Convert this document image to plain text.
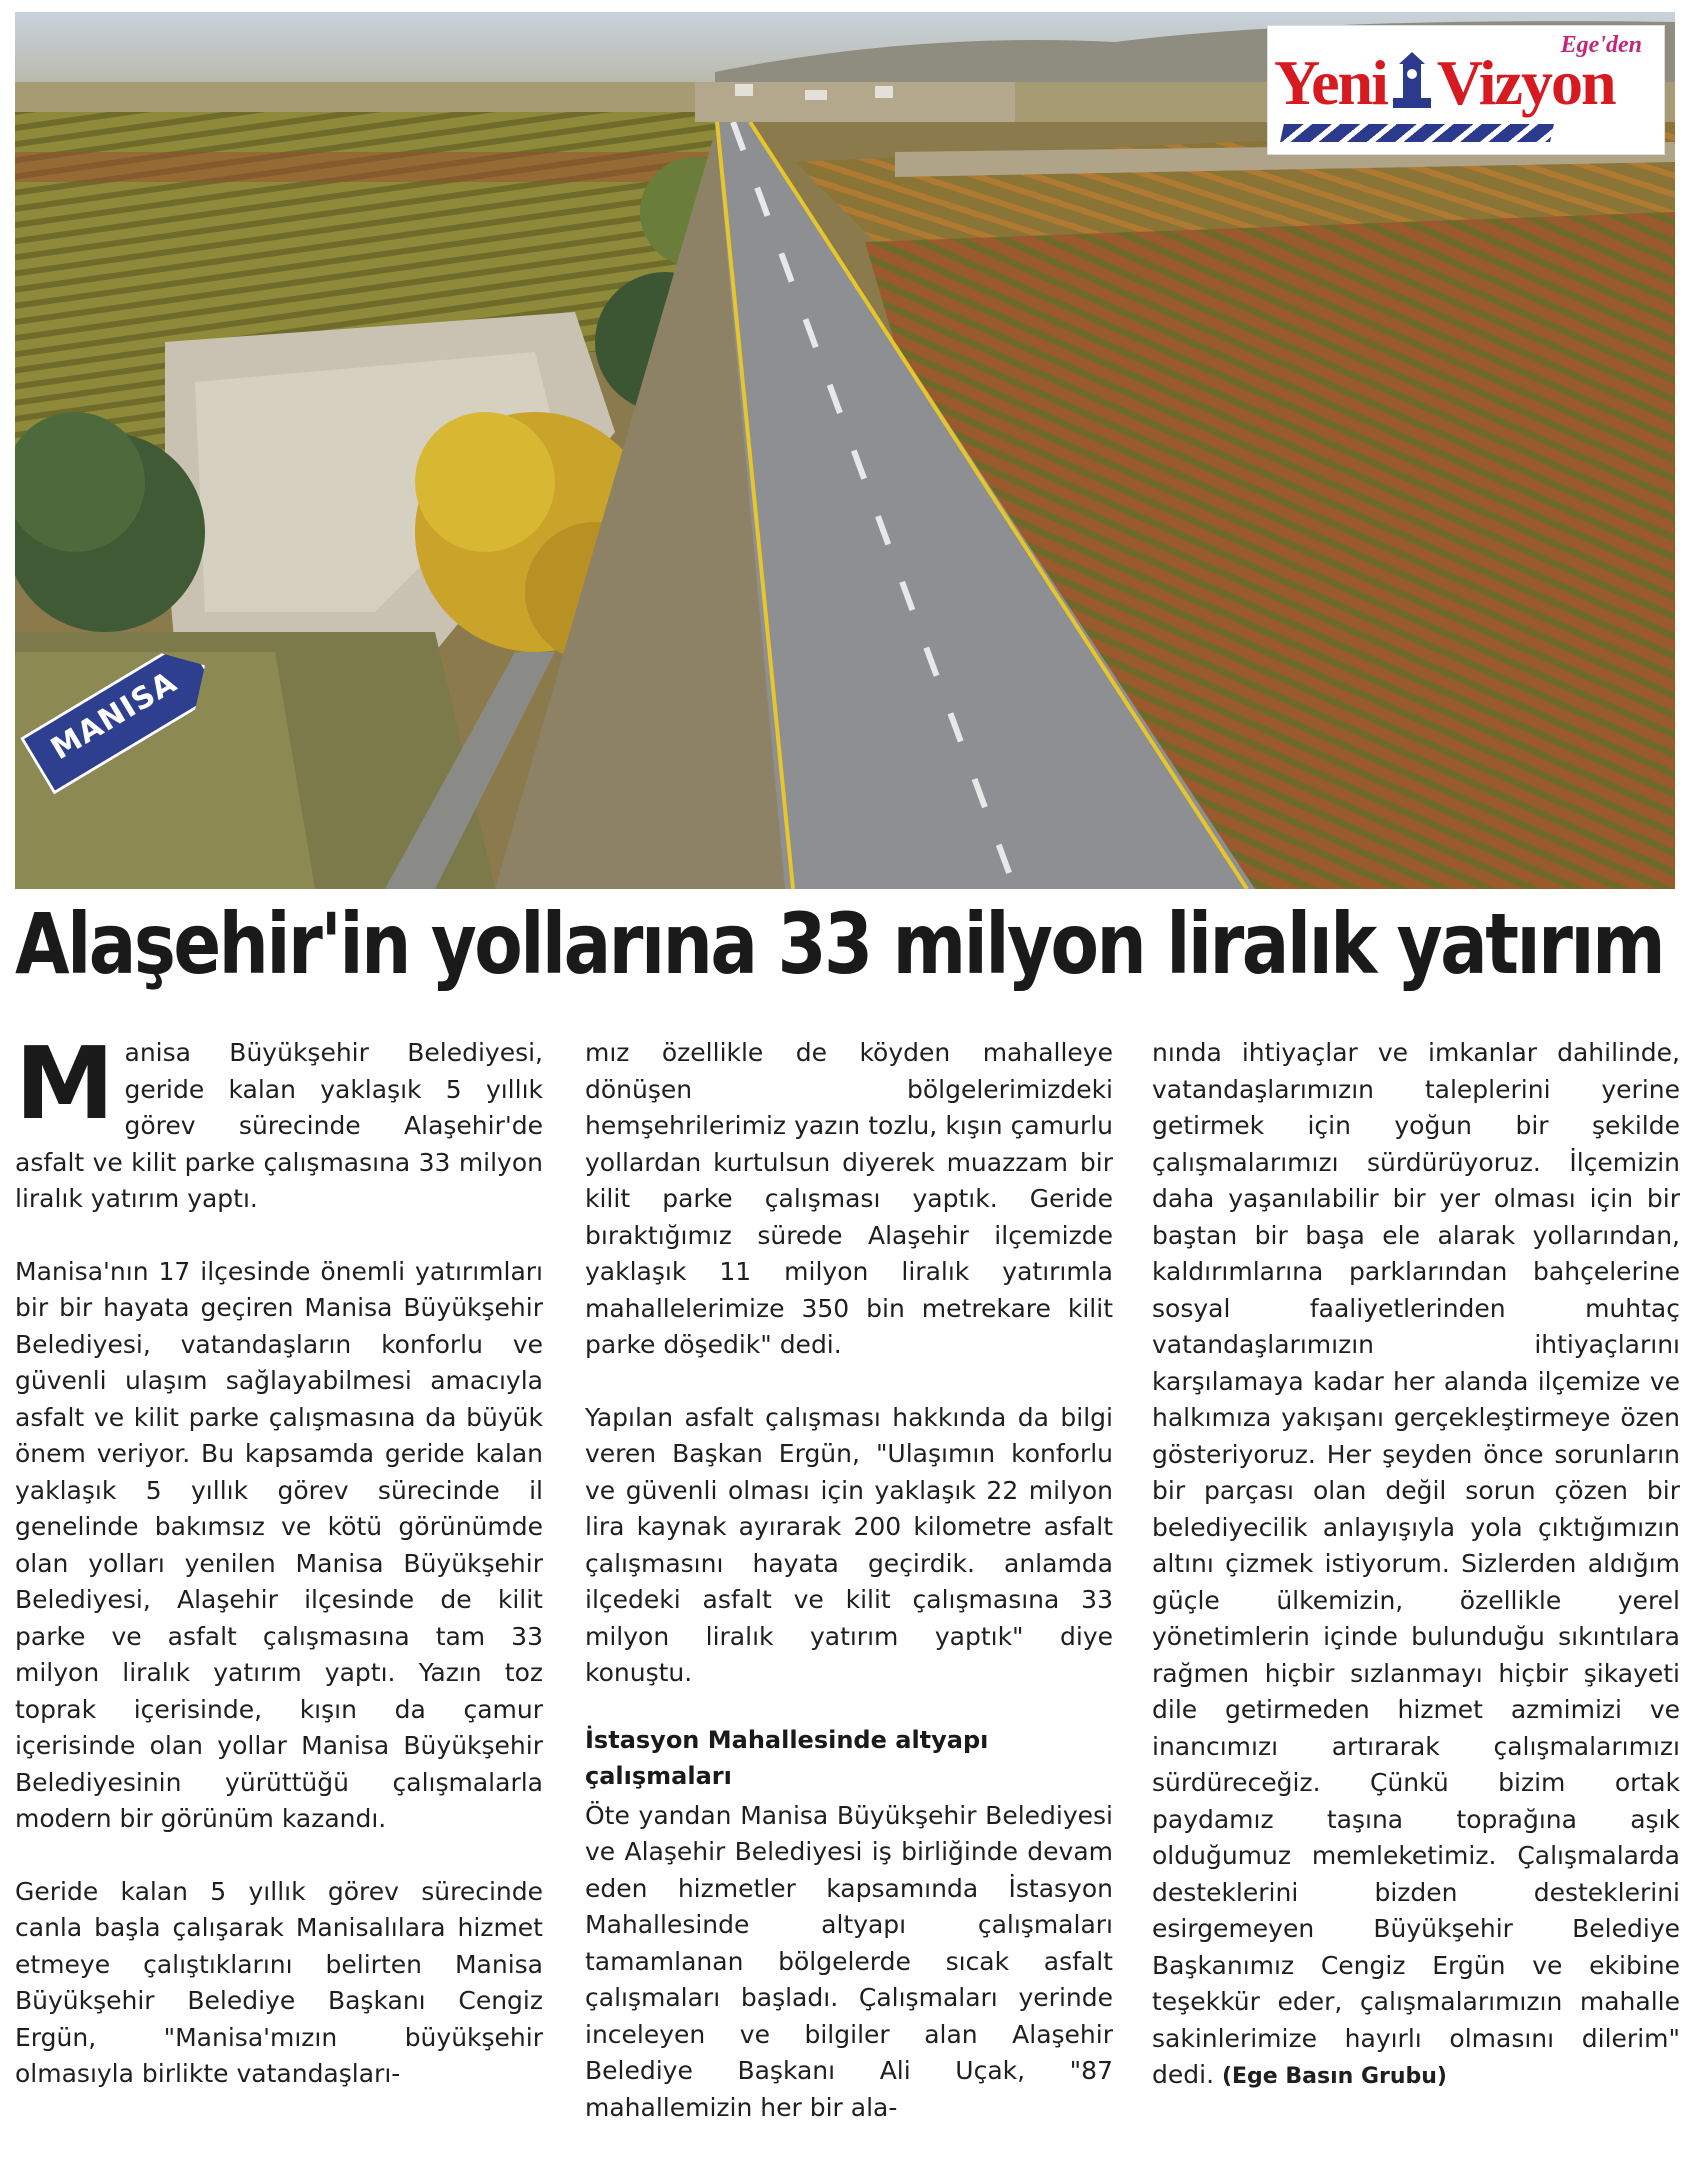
Ege'den
Yeni Vizyon
MANISA
Alaşehir'in yollarına 33 milyon liralık yatırım

Manisa Büyükşehir Belediyesi, geride kalan yaklaşık 5 yıllık görev sürecinde Alaşehir'de asfalt ve kilit parke çalışmasına 33 milyon liralık yatırım yaptı.

Manisa'nın 17 ilçesinde önemli yatırımları bir bir hayata geçiren Manisa Büyükşehir Belediyesi, vatandaşların konforlu ve güvenli ulaşım sağlayabilmesi amacıyla asfalt ve kilit parke çalışmasına da büyük önem veriyor. Bu kapsamda geride kalan yaklaşık 5 yıllık görev sürecinde il genelinde bakımsız ve kötü görünümde olan yolları yenilen Manisa Büyükşehir Belediyesi, Alaşehir ilçesinde de kilit parke ve asfalt çalışmasına tam 33 milyon liralık yatırım yaptı. Yazın toz toprak içerisinde, kışın da çamur içerisinde olan yollar Manisa Büyükşehir Belediyesinin yürüttüğü çalışmalarla modern bir görünüm kazandı.

Geride kalan 5 yıllık görev sürecinde canla başla çalışarak Manisalılara hizmet etmeye çalıştıklarını belirten Manisa Büyükşehir Belediye Başkanı Cengiz Ergün, "Manisa'mızın büyükşehir olmasıyla birlikte vatandaşları-

mız özellikle de köyden mahalleye dönüşen bölgelerimizdeki hemşehrilerimiz yazın tozlu, kışın çamurlu yollardan kurtulsun diyerek muazzam bir kilit parke çalışması yaptık. Geride bıraktığımız sürede Alaşehir ilçemizde yaklaşık 11 milyon liralık yatırımla mahallelerimize 350 bin metrekare kilit parke döşedik" dedi.

Yapılan asfalt çalışması hakkında da bilgi veren Başkan Ergün, "Ulaşımın konforlu ve güvenli olması için yaklaşık 22 milyon lira kaynak ayırarak 200 kilometre asfalt çalışmasını hayata geçirdik. anlamda ilçedeki asfalt ve kilit çalışmasına 33 milyon liralık yatırım yaptık" diye konuştu.

İstasyon Mahallesinde altyapı çalışmaları

Öte yandan Manisa Büyükşehir Belediyesi ve Alaşehir Belediyesi iş birliğinde devam eden hizmetler kapsamında İstasyon Mahallesinde altyapı çalışmaları tamamlanan bölgelerde sıcak asfalt çalışmaları başladı. Çalışmaları yerinde inceleyen ve bilgiler alan Alaşehir Belediye Başkanı Ali Uçak, "87 mahallemizin her bir ala-

nında ihtiyaçlar ve imkanlar dahilinde, vatandaşlarımızın taleplerini yerine getirmek için yoğun bir şekilde çalışmalarımızı sürdürüyoruz. İlçemizin daha yaşanılabilir bir yer olması için bir baştan bir başa ele alarak yollarından, kaldırımlarına parklarından bahçelerine sosyal faaliyetlerinden muhtaç vatandaşlarımızın ihtiyaçlarını karşılamaya kadar her alanda ilçemize ve halkımıza yakışanı gerçekleştirmeye özen gösteriyoruz. Her şeyden önce sorunların bir parçası olan değil sorun çözen bir belediyecilik anlayışıyla yola çıktığımızın altını çizmek istiyorum. Sizlerden aldığım güçle ülkemizin, özellikle yerel yönetimlerin içinde bulunduğu sıkıntılara rağmen hiçbir sızlanmayı hiçbir şikayeti dile getirmeden hizmet azmimizi ve inancımızı artırarak çalışmalarımızı sürdüreceğiz. Çünkü bizim ortak paydamız taşına toprağına aşık olduğumuz memleketimiz. Çalışmalarda desteklerini bizden desteklerini esirgemeyen Büyükşehir Belediye Başkanımız Cengiz Ergün ve ekibine teşekkür eder, çalışmalarımızın mahalle sakinlerimize hayırlı olmasını dilerim" dedi. (Ege Basın Grubu)
